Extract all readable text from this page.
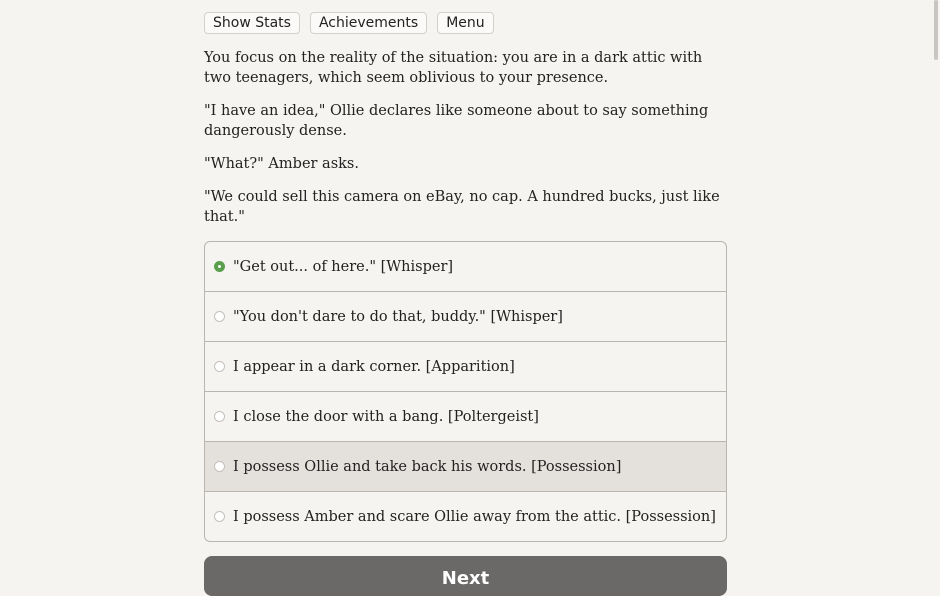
Show Stats	Achievements	Menu

You focus on the reality of the situation: you are in a dark attic with two teenagers, which seem oblivious to your presence.

"I have an idea," Ollie declares like someone about to say something dangerously dense.

"What?" Amber asks.

"We could sell this camera on eBay, no cap. A hundred bucks, just like that."

"Get out... of here." [Whisper]
"You don't dare to do that, buddy." [Whisper]
I appear in a dark corner. [Apparition]
I close the door with a bang. [Poltergeist]
I possess Ollie and take back his words. [Possession]
I possess Amber and scare Ollie away from the attic. [Possession]
Next
